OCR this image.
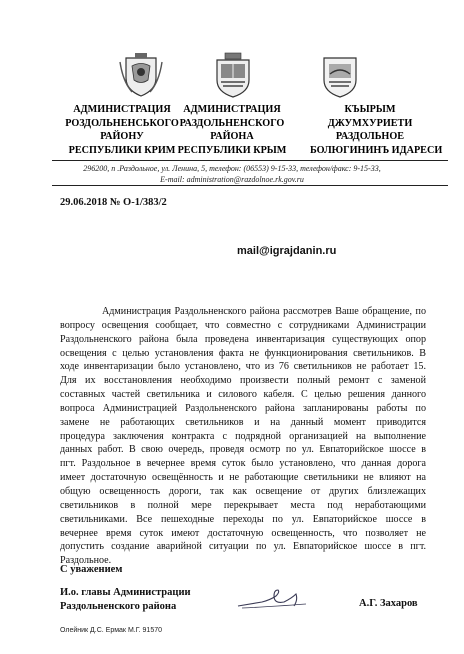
АДМИНИСТРАЦИЯ
РОЗДОЛЬНЕНСЬКОГО
РАЙОНУ
РЕСПУБЛИКИ КРИМ
АДМИНИСТРАЦИЯ
РАЗДОЛЬНЕНСКОГО
РАЙОНА
РЕСПУБЛИКИ КРЫМ
КЪЫРЫМ
ДЖУМХУРИЕТИ
РАЗДОЛЬНОЕ
БОЛЮГИНИНЪ ИДАРЕСИ
296200, п .Раздольное, ул. Ленина, 5, телефон: (06553) 9-15-33, телефон/факс: 9-15-33,
E-mail: administration@razdolnoe.rk.gov.ru
29.06.2018 № О-1/383/2
mail@igrajdanin.ru
Администрация Раздольненского района рассмотрев Ваше обращение, по
вопросу освещения сообщает, что совместно с сотрудниками Администрации
Раздольненского района была проведена инвентаризация существующих опор
освещения с целью установления факта не функционирования светильников. В
ходе инвентаризации было установлено, что из 76 светильников не работает 15.
Для их восстановления необходимо произвести полный ремонт с заменой
составных частей светильника и силового кабеля. С целью решения данного
вопроса Администрацией Раздольненского района запланированы работы по
замене не работающих светильников и на данный момент приводится
процедура заключения контракта с подрядной организацией на выполнение
данных работ. В свою очередь, проведя осмотр по ул. Евпаторийское шоссе в
пгт. Раздольное в вечернее время суток было установлено, что данная дорога
имеет достаточную освещённость и не работающие светильники не влияют на
общую освещенность дороги, так как освещение от других близлежащих
светильников в полной мере перекрывает места под неработающими
светильниками. Все пешеходные переходы по ул. Евпаторийское шоссе в
вечернее время суток имеют достаточную освещенность, что позволяет не
допустить создание аварийной ситуации по ул. Евпаторийское шоссе в пгт.
Раздольное.
С уважением
И.о. главы Администрации
Раздольненского района	А.Г. Захаров
Олейник Д.С. Ермак М.Г. 91570
